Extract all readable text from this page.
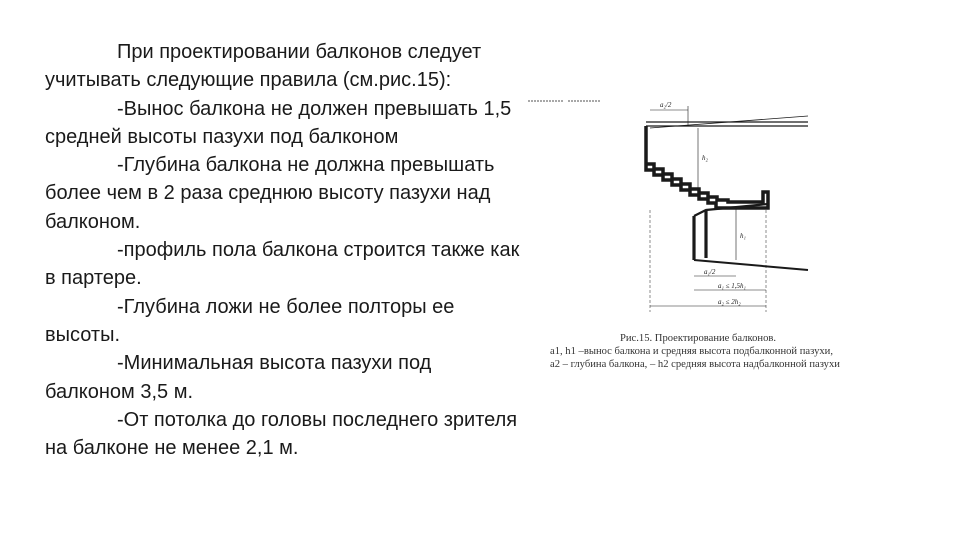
При проектировании балконов следует учитывать следующие правила (см.рис.15):

-Вынос балкона не должен превышать 1,5 средней высоты пазухи под балконом

-Глубина балкона не должна превышать более чем в 2 раза среднюю высоту пазухи над балконом.

-профиль пола балкона строится также как в партере.

-Глубина ложи не более полторы ее высоты.

-Минимальная высота пазухи под балконом 3,5 м.

-От потолка до головы последнего зрителя на балконе не менее 2,1 м.

a₂/2
h₂
h₁
a₁/2
a₁ ≤ 1,5h₁
a₂ ≤ 2h₂
Рис.15. Проектирование балконов.
a1, h1 –вынос балкона и средняя высота подбалконной пазухи,
a2 – глубина балкона, – h2 средняя высота надбалконной пазухи
